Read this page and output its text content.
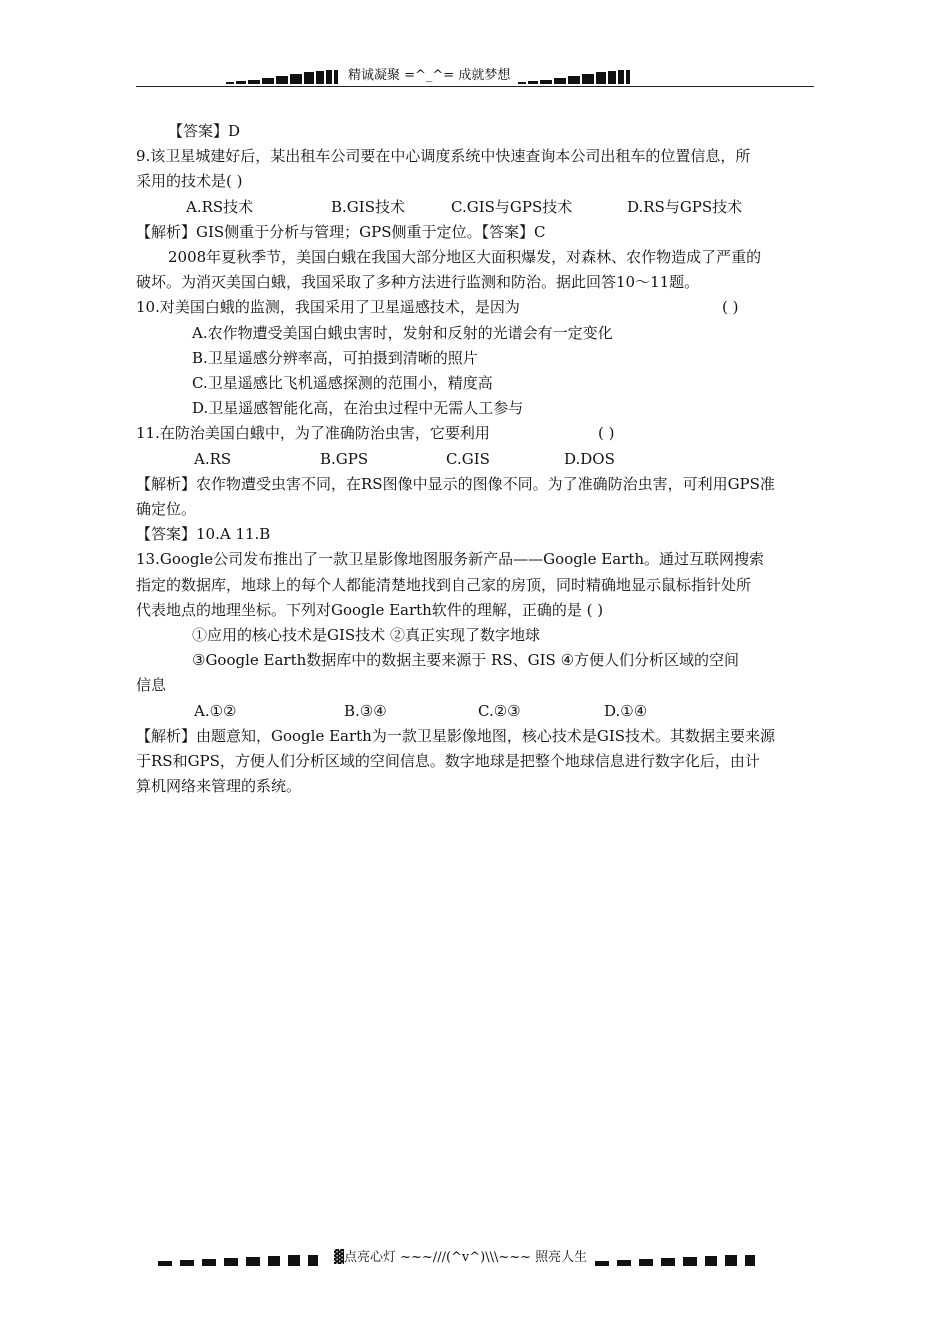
精诚凝聚 =^_^= 成就梦想

【答案】D

9.该卫星城建好后，某出租车公司要在中心调度系统中快速查询本公司出租车的位置信息，所

采用的技术是( )

A.RS技术	B.GIS技术	C.GIS与GPS技术	D.RS与GPS技术

【解析】GIS侧重于分析与管理；GPS侧重于定位。【答案】C

2008年夏秋季节，美国白蛾在我国大部分地区大面积爆发，对森林、农作物造成了严重的

破坏。为消灭美国白蛾，我国采取了多种方法进行监测和防治。据此回答10～11题。

10.对美国白蛾的监测，我国采用了卫星遥感技术，是因为	( )

A.农作物遭受美国白蛾虫害时，发射和反射的光谱会有一定变化

B.卫星遥感分辨率高，可拍摄到清晰的照片

C.卫星遥感比飞机遥感探测的范围小，精度高

D.卫星遥感智能化高，在治虫过程中无需人工参与

11.在防治美国白蛾中，为了准确防治虫害，它要利用	( )

A.RS	B.GPS	C.GIS	D.DOS

【解析】农作物遭受虫害不同，在RS图像中显示的图像不同。为了准确防治虫害，可利用GPS准

确定位。

【答案】10.A 11.B

13.Google公司发布推出了一款卫星影像地图服务新产品——Google Earth。通过互联网搜索

指定的数据库，地球上的每个人都能清楚地找到自己家的房顶，同时精确地显示鼠标指针处所

代表地点的地理坐标。下列对Google Earth软件的理解，正确的是 ( )

①应用的核心技术是GIS技术 ②真正实现了数字地球

③Google Earth数据库中的数据主要来源于 RS、GIS ④方便人们分析区域的空间

信息

A.①②	B.③④	C.②③	D.①④

【解析】由题意知，Google Earth为一款卫星影像地图，核心技术是GIS技术。其数据主要来源

于RS和GPS，方便人们分析区域的空间信息。数字地球是把整个地球信息进行数字化后，由计

算机网络来管理的系统。

▓点亮心灯 ~~~///(^v^)\\\~~~ 照亮人生
